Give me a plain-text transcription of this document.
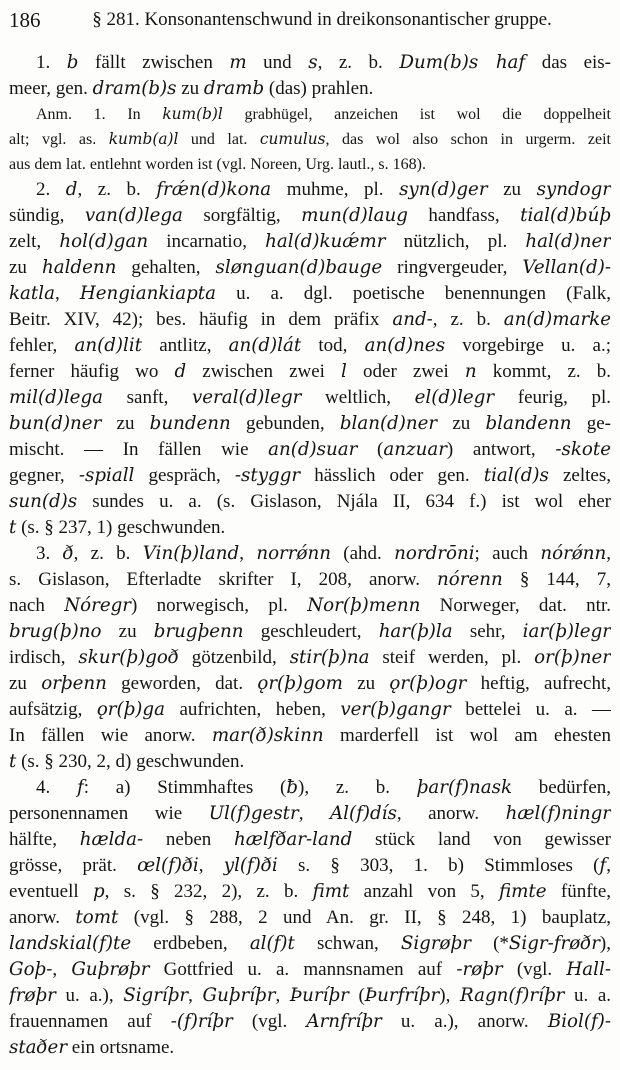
186	§ 281. Konsonantenschwund in dreikonsonantischer gruppe.
1. b fällt zwischen m und s, z. b. Dum(b)s haf das eis-
meer, gen. dram(b)s zu dramb (das) prahlen.
Anm. 1. In kum(b)l grabhügel, anzeichen ist wol die doppelheit
alt; vgl. as. kumb(a)l und lat. cumulus, das wol also schon in urgerm. zeit
aus dem lat. entlehnt worden ist (vgl. Noreen, Urg. lautl., s. 168).
2. d, z. b. frǽn(d)kona muhme, pl. syn(d)ger zu syndogr
sündig, van(d)lega sorgfältig, mun(d)laug handfass, tial(d)búþ
zelt, hol(d)gan incarnatio, hal(d)kuǽmr nützlich, pl. hal(d)ner
zu haldenn gehalten, slønguan(d)bauge ringvergeuder, Vellan(d)-
katla, Hengiankiapta u. a. dgl. poetische benennungen (Falk,
Beitr. XIV, 42); bes. häufig in dem präfix and-, z. b. an(d)marke
fehler, an(d)lit antlitz, an(d)lát tod, an(d)nes vorgebirge u. a.;
ferner häufig wo d zwischen zwei l oder zwei n kommt, z. b.
mil(d)lega sanft, veral(d)legr weltlich, el(d)legr feurig, pl.
bun(d)ner zu bundenn gebunden, blan(d)ner zu blandenn ge-
mischt. — In fällen wie an(d)suar (anzuar) antwort, -skote
gegner, -spiall gespräch, -styggr hässlich oder gen. tial(d)s zeltes,
sun(d)s sundes u. a. (s. Gislason, Njála II, 634 f.) ist wol eher
t (s. § 237, 1) geschwunden.
3. ð, z. b. Vin(þ)land, norrǿnn (ahd. nordrōni; auch nórǿnn,
s. Gislason, Efterladte skrifter I, 208, anorw. nórenn § 144, 7,
nach Nóregr) norwegisch, pl. Nor(þ)menn Norweger, dat. ntr.
brug(þ)no zu brugþenn geschleudert, har(þ)la sehr, iar(þ)legr
irdisch, skur(þ)goð götzenbild, stir(þ)na steif werden, pl. or(þ)ner
zu orþenn geworden, dat. ǫr(þ)gom zu ǫr(þ)ogr heftig, aufrecht,
aufsätzig, ǫr(þ)ga aufrichten, heben, ver(þ)gangr bettelei u. a. —
In fällen wie anorw. mar(ð)skinn marderfell ist wol am ehesten
t (s. § 230, 2, d) geschwunden.
4. f: a) Stimmhaftes (ƀ), z. b. þar(f)nask bedürfen,
personennamen wie Ul(f)gestr, Al(f)dís, anorw. hæl(f)ningr
hälfte, hælda- neben hælfðar-land stück land von gewisser
grösse, prät. œl(f)ði, yl(f)ði s. § 303, 1. b) Stimmloses (f,
eventuell p, s. § 232, 2), z. b. fimt anzahl von 5, fimte fünfte,
anorw. tomt (vgl. § 288, 2 und An. gr. II, § 248, 1) bauplatz,
landskial(f)te erdbeben, al(f)t schwan, Sigrøþr (*Sigr-frøðr),
Goþ-, Guþrøþr Gottfried u. a. mannsnamen auf -røþr (vgl. Hall-
frøþr u. a.), Sigríþr, Guþríþr, Þuríþr (Þurfríþr), Ragn(f)ríþr u. a.
frauennamen auf -(f)ríþr (vgl. Arnfríþr u. a.), anorw. Biol(f)-
staðer ein ortsname.
